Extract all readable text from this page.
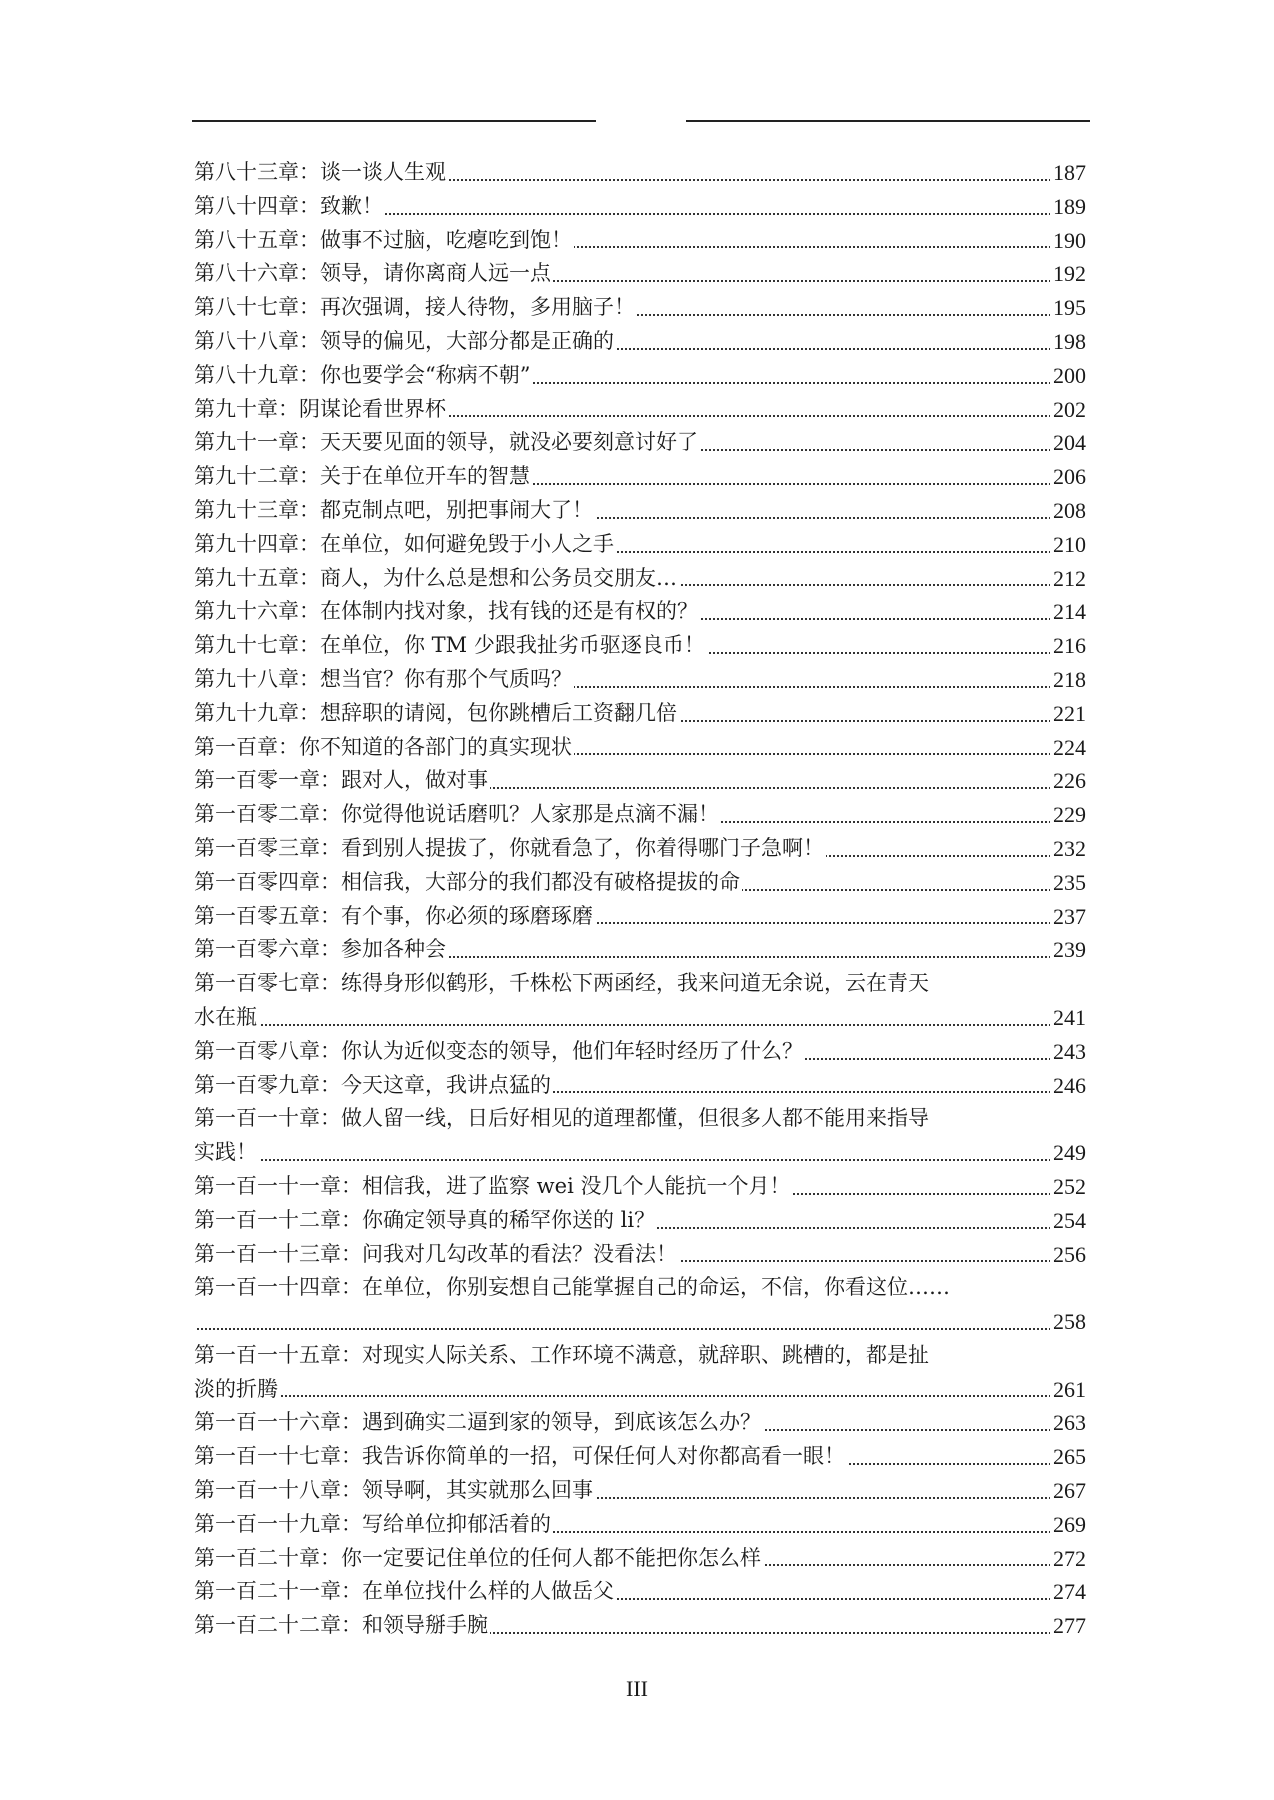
第八十三章：谈一谈人生观	187
第八十四章：致歉！	189
第八十五章：做事不过脑，吃瘪吃到饱！	190
第八十六章：领导，请你离商人远一点	192
第八十七章：再次强调，接人待物，多用脑子！	195
第八十八章：领导的偏见，大部分都是正确的	198
第八十九章：你也要学会“称病不朝”	200
第九十章：阴谋论看世界杯	202
第九十一章：天天要见面的领导，就没必要刻意讨好了	204
第九十二章：关于在单位开车的智慧	206
第九十三章：都克制点吧，别把事闹大了！	208
第九十四章：在单位，如何避免毁于小人之手	210
第九十五章：商人，为什么总是想和公务员交朋友…	212
第九十六章：在体制内找对象，找有钱的还是有权的？	214
第九十七章：在单位，你 TM 少跟我扯劣币驱逐良币！	216
第九十八章：想当官？你有那个气质吗？	218
第九十九章：想辞职的请阅，包你跳槽后工资翻几倍	221
第一百章：你不知道的各部门的真实现状	224
第一百零一章：跟对人，做对事	226
第一百零二章：你觉得他说话磨叽？人家那是点滴不漏！	229
第一百零三章：看到别人提拔了，你就看急了，你着得哪门子急啊！	232
第一百零四章：相信我，大部分的我们都没有破格提拔的命	235
第一百零五章：有个事，你必须的琢磨琢磨	237
第一百零六章：参加各种会	239
第一百零七章：练得身形似鹤形，千株松下两函经，我来问道无余说，云在青天
水在瓶	241
第一百零八章：你认为近似变态的领导，他们年轻时经历了什么？	243
第一百零九章：今天这章，我讲点猛的	246
第一百一十章：做人留一线，日后好相见的道理都懂，但很多人都不能用来指导
实践！	249
第一百一十一章：相信我，进了监察 wei 没几个人能抗一个月！	252
第一百一十二章：你确定领导真的稀罕你送的 li？	254
第一百一十三章：问我对几勾改革的看法？没看法！	256
第一百一十四章：在单位，你别妄想自己能掌握自己的命运，不信，你看这位……
258
第一百一十五章：对现实人际关系、工作环境不满意，就辞职、跳槽的，都是扯
淡的折腾	261
第一百一十六章：遇到确实二逼到家的领导，到底该怎么办？	263
第一百一十七章：我告诉你简单的一招，可保任何人对你都高看一眼！	265
第一百一十八章：领导啊，其实就那么回事	267
第一百一十九章：写给单位抑郁活着的	269
第一百二十章：你一定要记住单位的任何人都不能把你怎么样	272
第一百二十一章：在单位找什么样的人做岳父	274
第一百二十二章：和领导掰手腕	277
III
